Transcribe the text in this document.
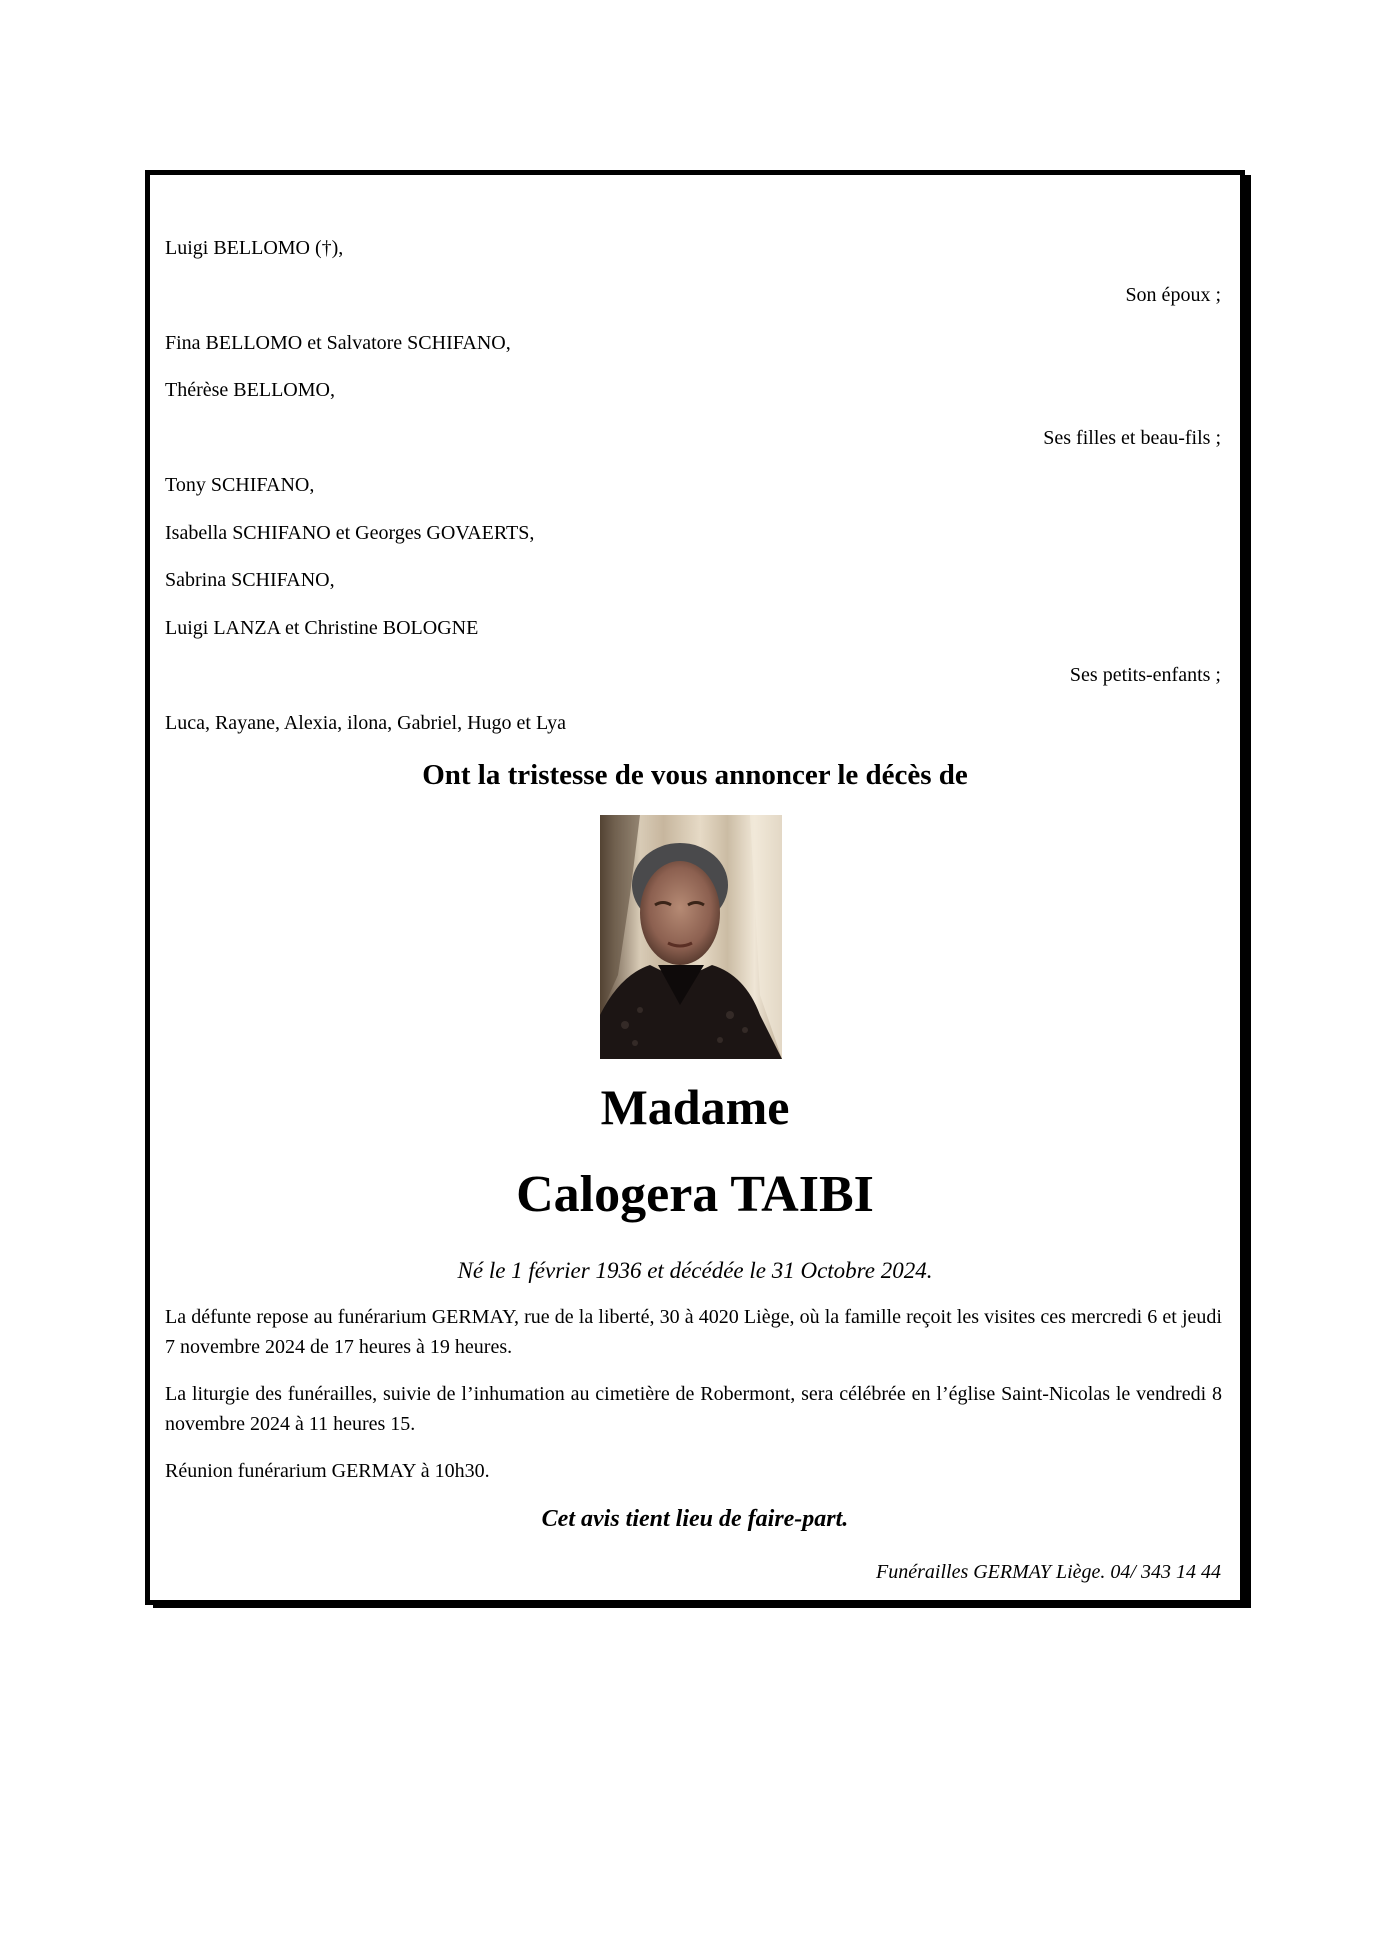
Luigi BELLOMO (†),
Son époux ;
Fina BELLOMO et Salvatore SCHIFANO,
Thérèse BELLOMO,
Ses filles et beau-fils ;
Tony SCHIFANO,
Isabella SCHIFANO et Georges GOVAERTS,
Sabrina SCHIFANO,
Luigi LANZA et Christine BOLOGNE
Ses petits-enfants ;
Luca, Rayane, Alexia, ilona, Gabriel, Hugo et Lya
Ont la tristesse de vous annoncer le décès de
Madame
Calogera TAIBI
Né le 1 février 1936 et décédée le 31 Octobre 2024.
La défunte repose au funérarium GERMAY, rue de la liberté, 30 à 4020 Liège, où la famille reçoit les visites ces mercredi 6 et jeudi 7 novembre 2024 de 17 heures à 19 heures.
La liturgie des funérailles, suivie de l’inhumation au cimetière de Robermont, sera célébrée en l’église Saint-Nicolas le vendredi 8 novembre 2024 à 11 heures 15.
Réunion funérarium GERMAY à 10h30.
Cet avis tient lieu de faire-part.
Funérailles GERMAY Liège. 04/ 343 14 44
